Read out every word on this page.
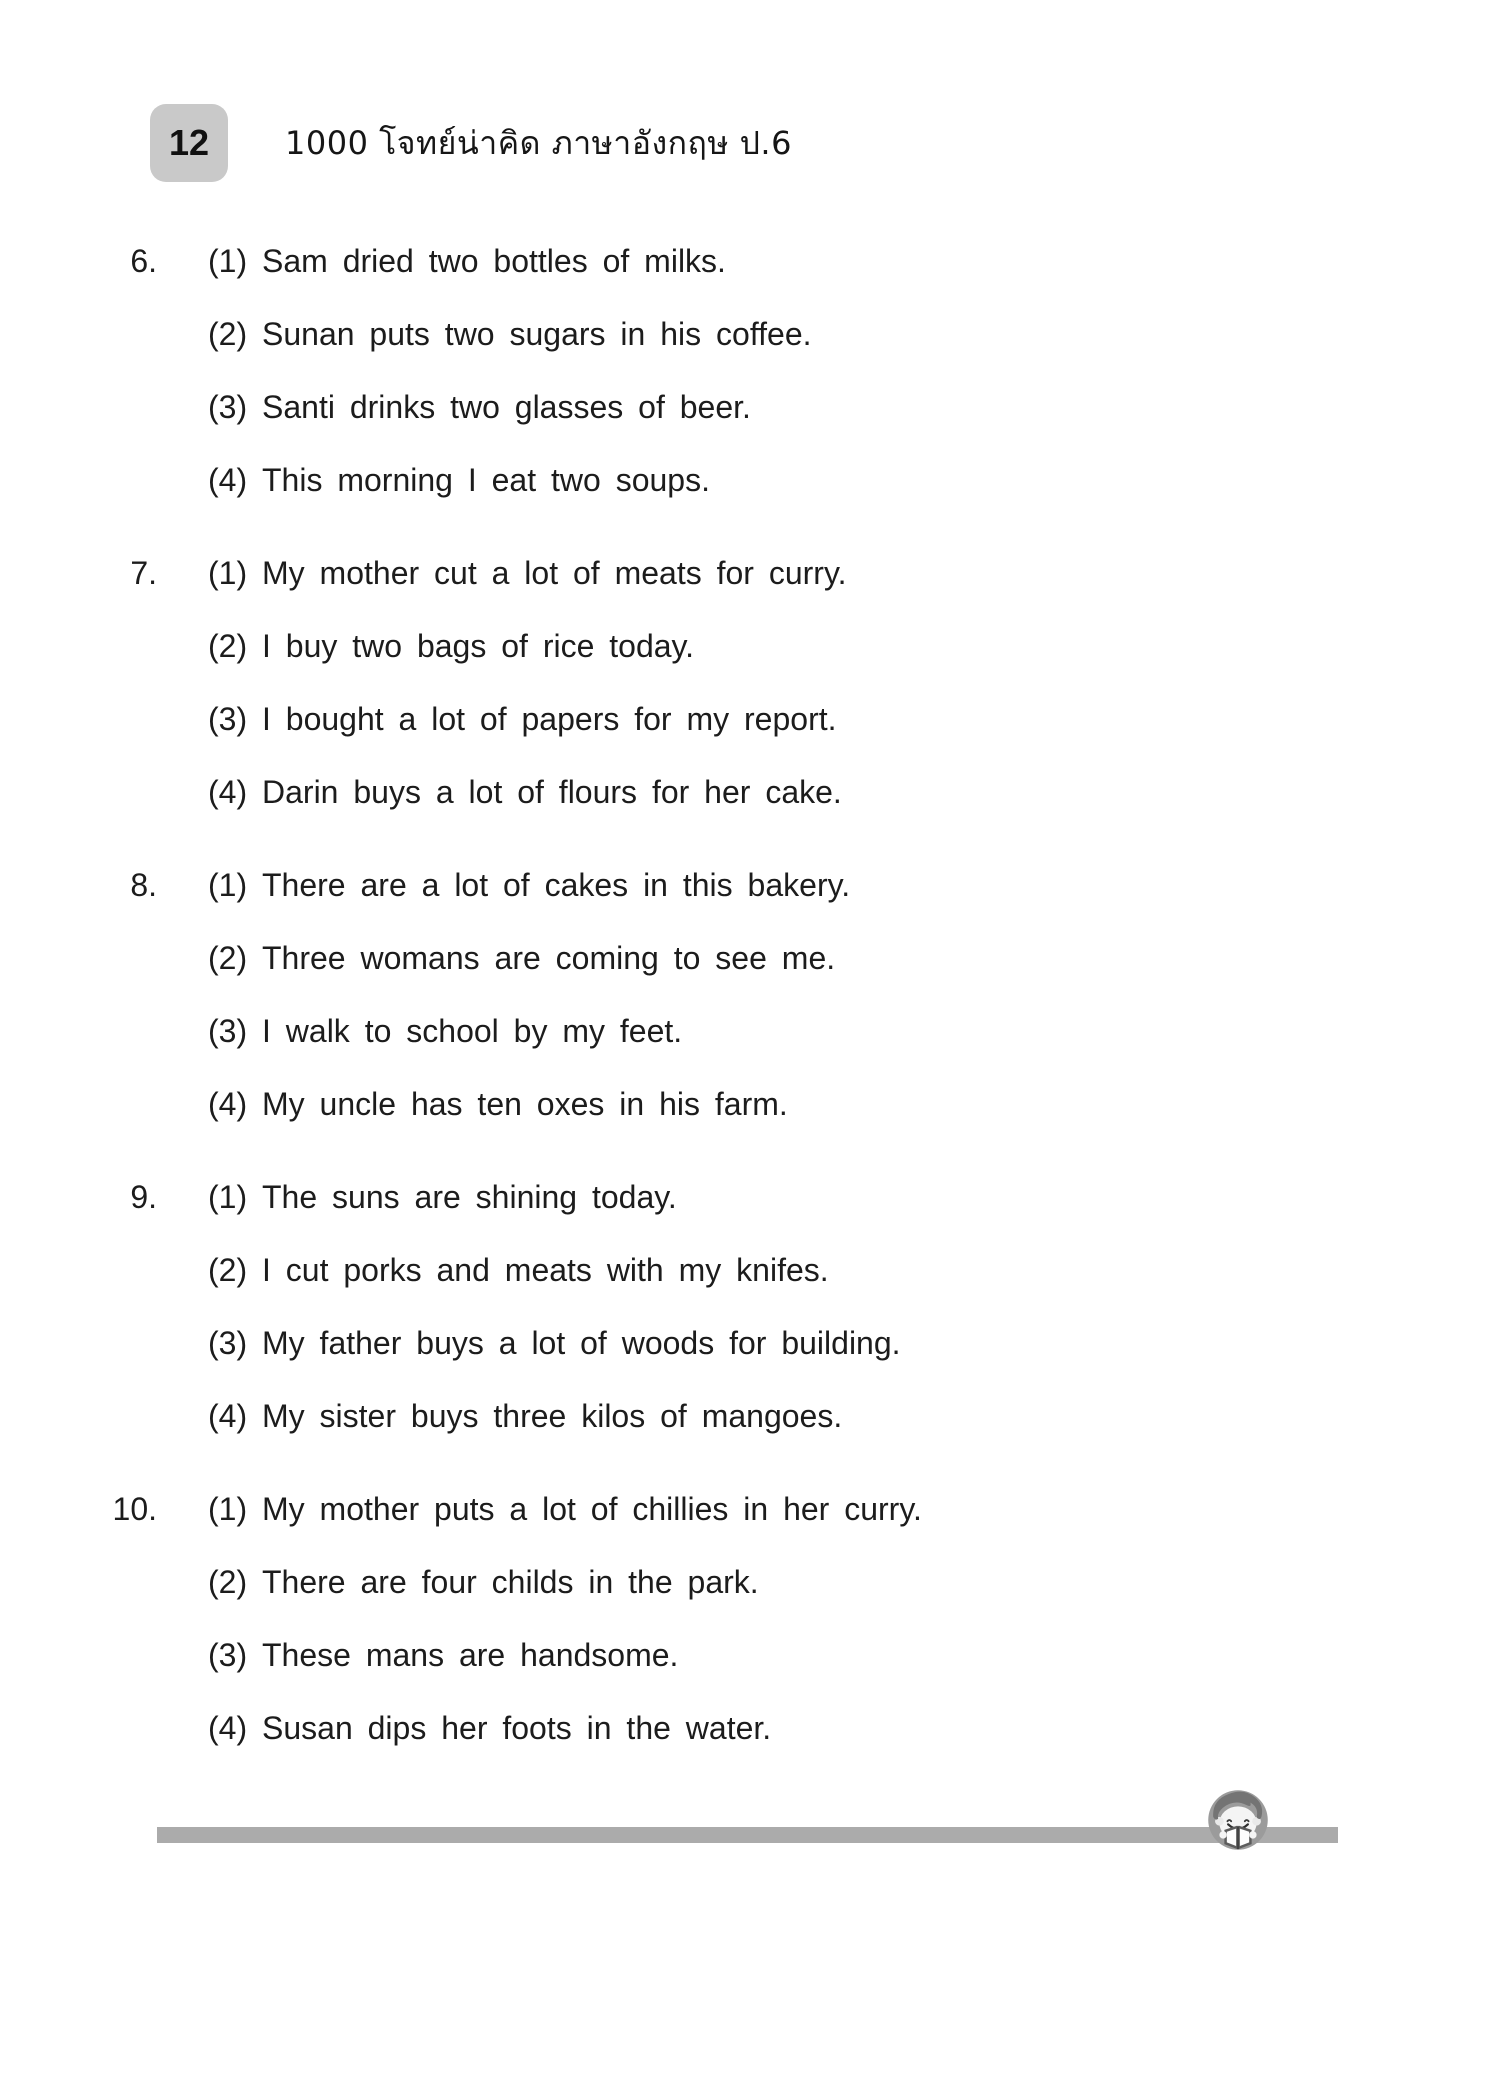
12 1000 โจทย์น่าคิด ภาษาอังกฤษ ป.6
6. (1) Sam dried two bottles of milks.
(2) Sunan puts two sugars in his coffee.
(3) Santi drinks two glasses of beer.
(4) This morning I eat two soups.
7. (1) My mother cut a lot of meats for curry.
(2) I buy two bags of rice today.
(3) I bought a lot of papers for my report.
(4) Darin buys a lot of flours for her cake.
8. (1) There are a lot of cakes in this bakery.
(2) Three womans are coming to see me.
(3) I walk to school by my feet.
(4) My uncle has ten oxes in his farm.
9. (1) The suns are shining today.
(2) I cut porks and meats with my knifes.
(3) My father buys a lot of woods for building.
(4) My sister buys three kilos of mangoes.
10. (1) My mother puts a lot of chillies in her curry.
(2) There are four childs in the park.
(3) These mans are handsome.
(4) Susan dips her foots in the water.
